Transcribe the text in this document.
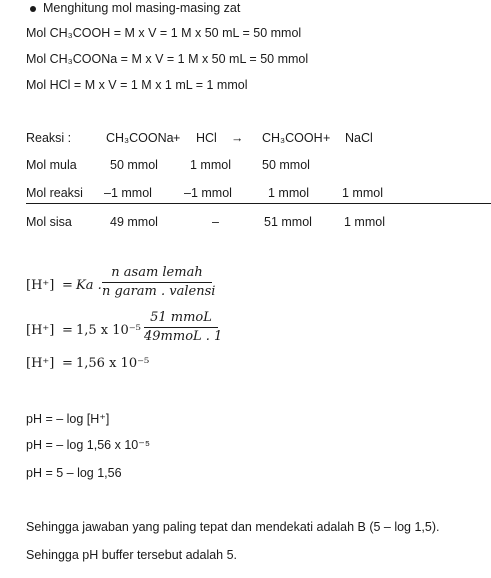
Menghitung mol masing-masing zat
Mol CH₃COOH = M x V = 1 M x 50 mL = 50 mmol
Mol CH₃COONa = M x V = 1 M x 50 mL = 50 mmol
Mol HCl = M x V = 1 M x 1 mL = 1 mmol
Reaksi :	CH₃COONa + HCl → CH₃COOH + NaCl
Mol mula	50 mmol	1 mmol 50 mmol
Mol reaksi –1 mmol	–1 mmol	1 mmol	1 mmol
Mol sisa	49 mmol	–	51 mmol	1 mmol
[H⁺] = Ka .
n asam lemah
n garam . valensi
[H⁺] = 1,5 x 10⁻⁵ .
51 mmoL
49mmoL . 1
[H⁺] = 1,56 x 10⁻⁵
pH = – log [H⁺]
pH = – log 1,56 x 10⁻⁵
pH = 5 – log 1,56
Sehingga jawaban yang paling tepat dan mendekati adalah B (5 – log 1,5).
Sehingga pH buffer tersebut adalah 5.
